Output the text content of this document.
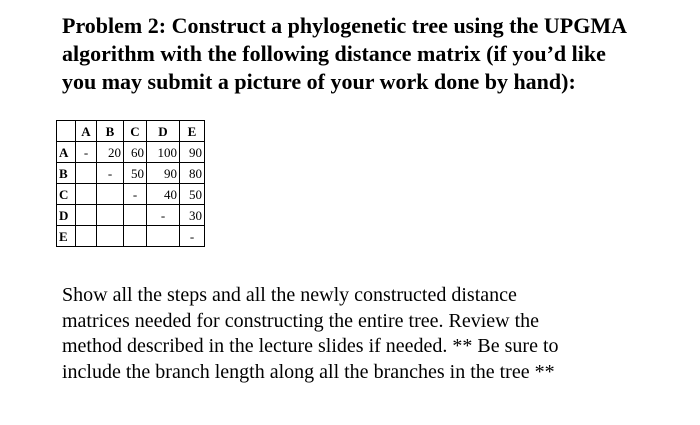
Problem 2: Construct a phylogenetic tree using the UPGMA
algorithm with the following distance matrix (if you’d like
you may submit a picture of your work done by hand):

	A	B	C	D	E
A	-	20	60	100	90
B		-	50	90	80
C			-	40	50
D				-	30
E					-

Show all the steps and all the newly constructed distance
matrices needed for constructing the entire tree. Review the
method described in the lecture slides if needed. ** Be sure to
include the branch length along all the branches in the tree **
